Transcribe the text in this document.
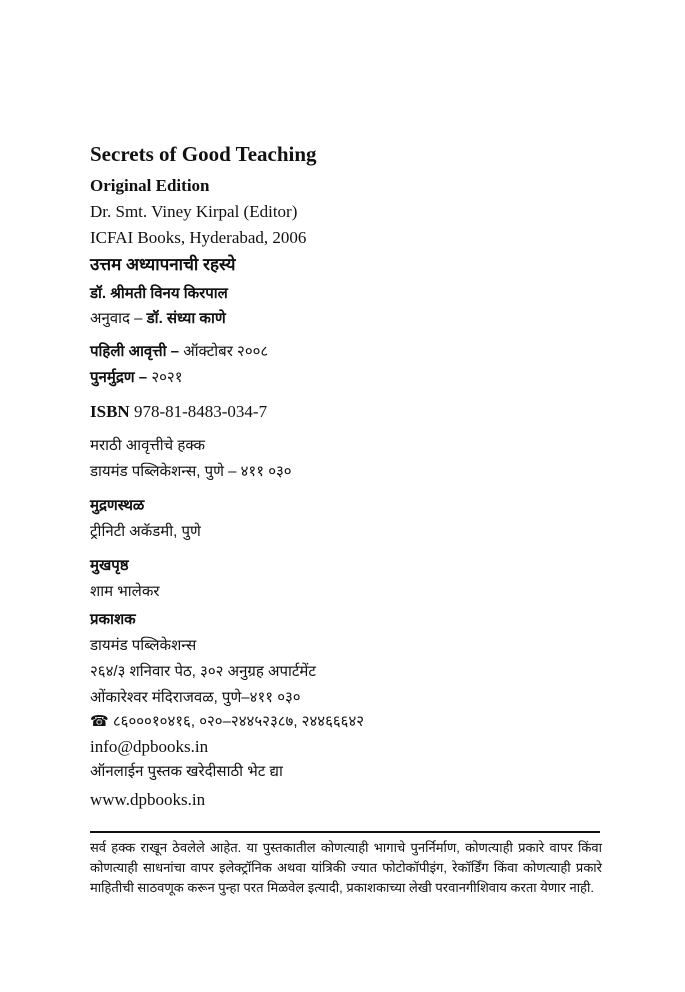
Secrets of Good Teaching
Original Edition
Dr. Smt. Viney Kirpal (Editor)
ICFAI Books, Hyderabad, 2006
उत्तम अध्यापनाची रहस्ये
डॉ. श्रीमती विनय किरपाल
अनुवाद – डॉ. संध्या काणे
पहिली आवृत्ती – ऑक्टोबर २००८
पुनर्मुद्रण – २०२१
ISBN 978-81-8483-034-7
मराठी आवृत्तीचे हक्क
डायमंड पब्लिकेशन्स, पुणे – ४११ ०३०
मुद्रणस्थळ
ट्रीनिटी अकॅडमी, पुणे
मुखपृष्ठ
शाम भालेकर
प्रकाशक
डायमंड पब्लिकेशन्स
२६४/३ शनिवार पेठ, ३०२ अनुग्रह अपार्टमेंट
ओंकारेश्वर मंदिराजवळ, पुणे–४११ ०३०
☎ ८६०००१०४१६, ०२०–२४४५२३८७, २४४६६६४२
info@dpbooks.in
ऑनलाईन पुस्तक खरेदीसाठी भेट द्या
www.dpbooks.in
सर्व हक्क राखून ठेवलेले आहेत. या पुस्तकातील कोणत्याही भागाचे पुनर्निर्माण, कोणत्याही प्रकारे वापर किंवा कोणत्याही साधनांचा वापर इलेक्ट्रॉनिक अथवा यांत्रिकी ज्यात फोटोकॉपीइंग, रेकॉर्डिंग किंवा कोणत्याही प्रकारे माहितीची साठवणूक करून पुन्हा परत मिळवेल इत्यादी, प्रकाशकाच्या लेखी परवानगीशिवाय करता येणार नाही.
